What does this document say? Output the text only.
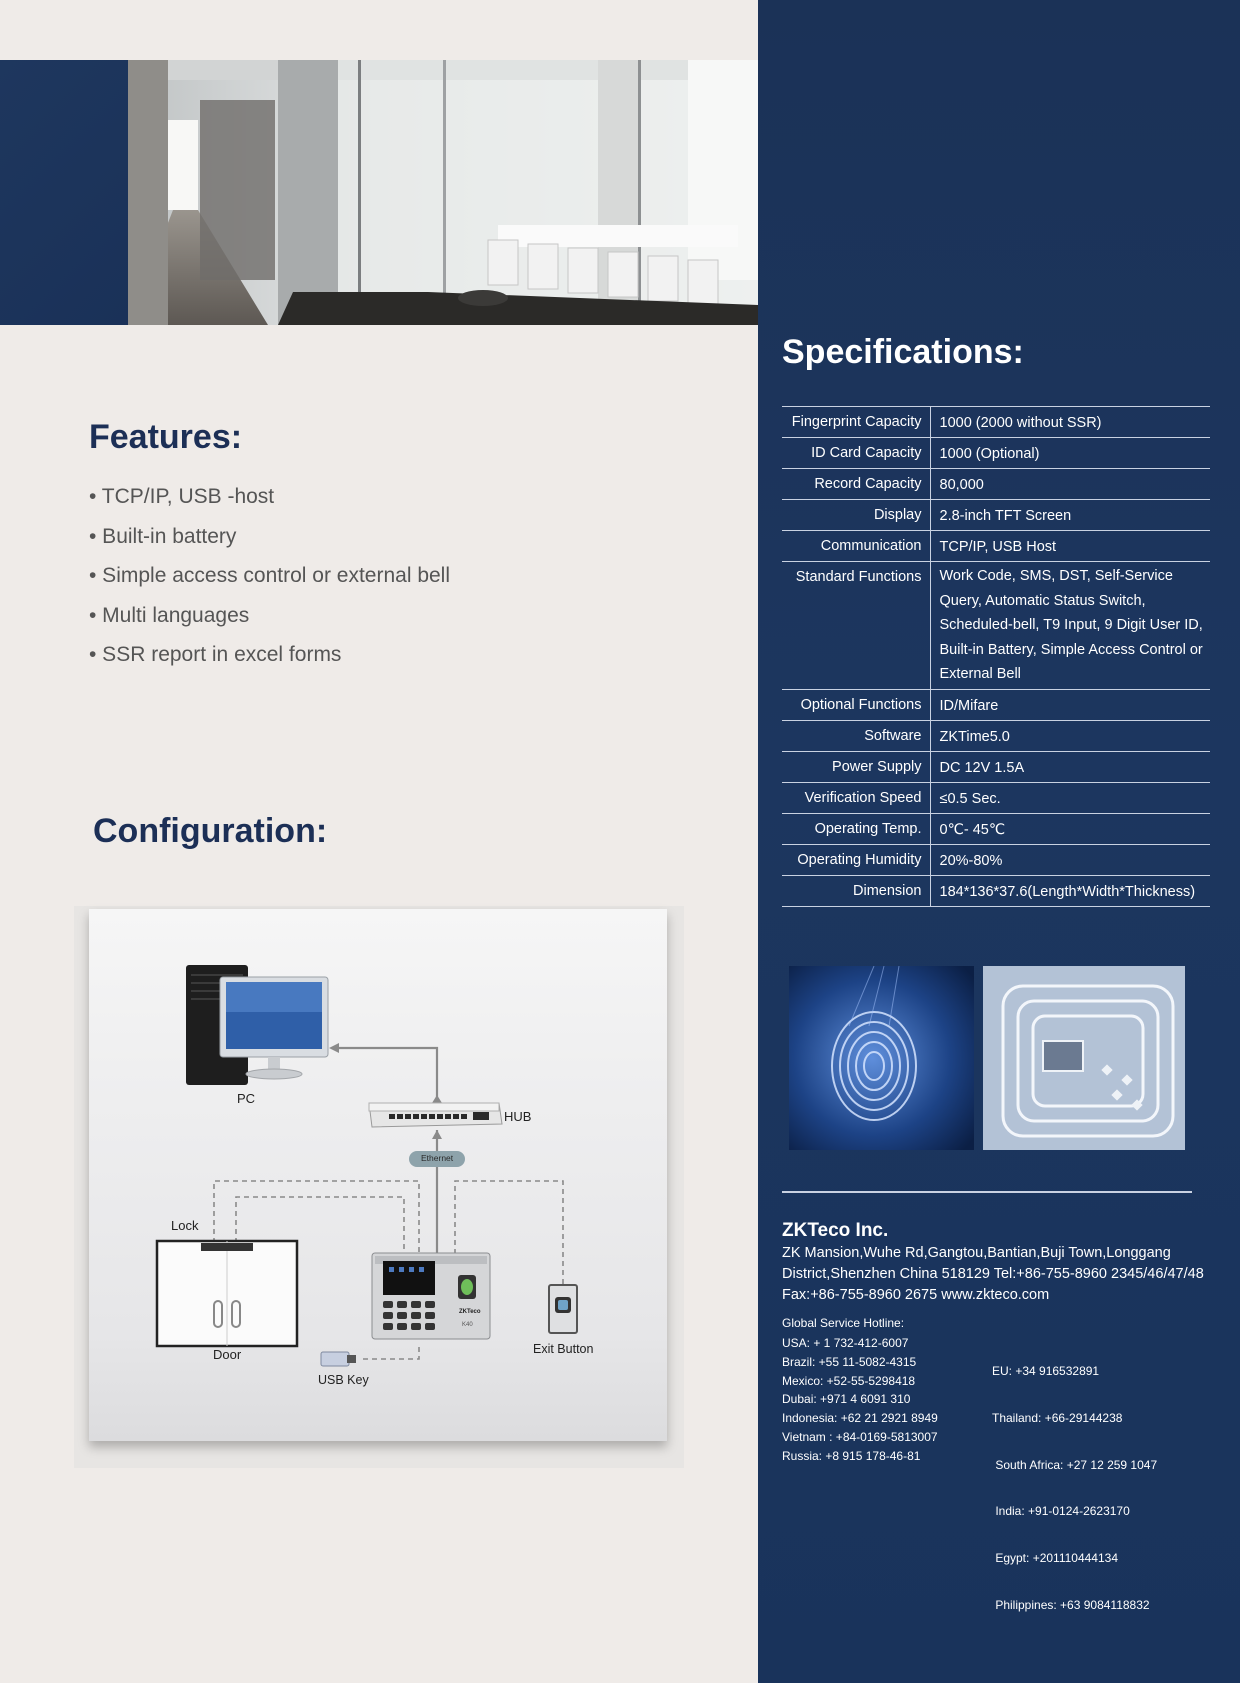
Features:
• TCP/IP, USB -host
• Built-in battery
• Simple access control or external bell
• Multi languages
• SSR report in excel forms
Configuration:
PC
HUB
Ethernet
Lock
Door
USB Key
Exit Button
ZKTeco
K40
Specifications:
Fingerprint Capacity	1000 (2000 without SSR)
ID Card Capacity	1000 (Optional)
Record Capacity	80,000
Display	2.8-inch TFT Screen
Communication	TCP/IP, USB Host
Standard Functions	Work Code, SMS, DST, Self-Service Query, Automatic Status Switch, Scheduled-bell, T9 Input, 9 Digit User ID, Built-in Battery, Simple Access Control or External Bell
Optional Functions	ID/Mifare
Software	ZKTime5.0
Power Supply	DC 12V 1.5A
Verification Speed	≤0.5 Sec.
Operating Temp.	0℃- 45℃
Operating Humidity	20%-80%
Dimension	184*136*37.6(Length*Width*Thickness)
ZKTeco Inc.
ZK Mansion,Wuhe Rd,Gangtou,Bantian,Buji Town,Longgang
District,Shenzhen China 518129 Tel:+86-755-8960 2345/46/47/48
Fax:+86-755-8960 2675 www.zkteco.com
Global Service Hotline:
USA: + 1 732-412-6007
Brazil: +55 11-5082-4315
Mexico: +52-55-5298418
Dubai: +971 4 6091 310
Indonesia: +62 21 2921 8949
Vietnam : +84-0169-5813007
Russia: +8 915 178-46-81

EU: +34 916532891

Thailand: +66-29144238

South Africa: +27 12 259 1047

India: +91-0124-2623170

Egypt: +201110444134

Philippines: +63 9084118832
